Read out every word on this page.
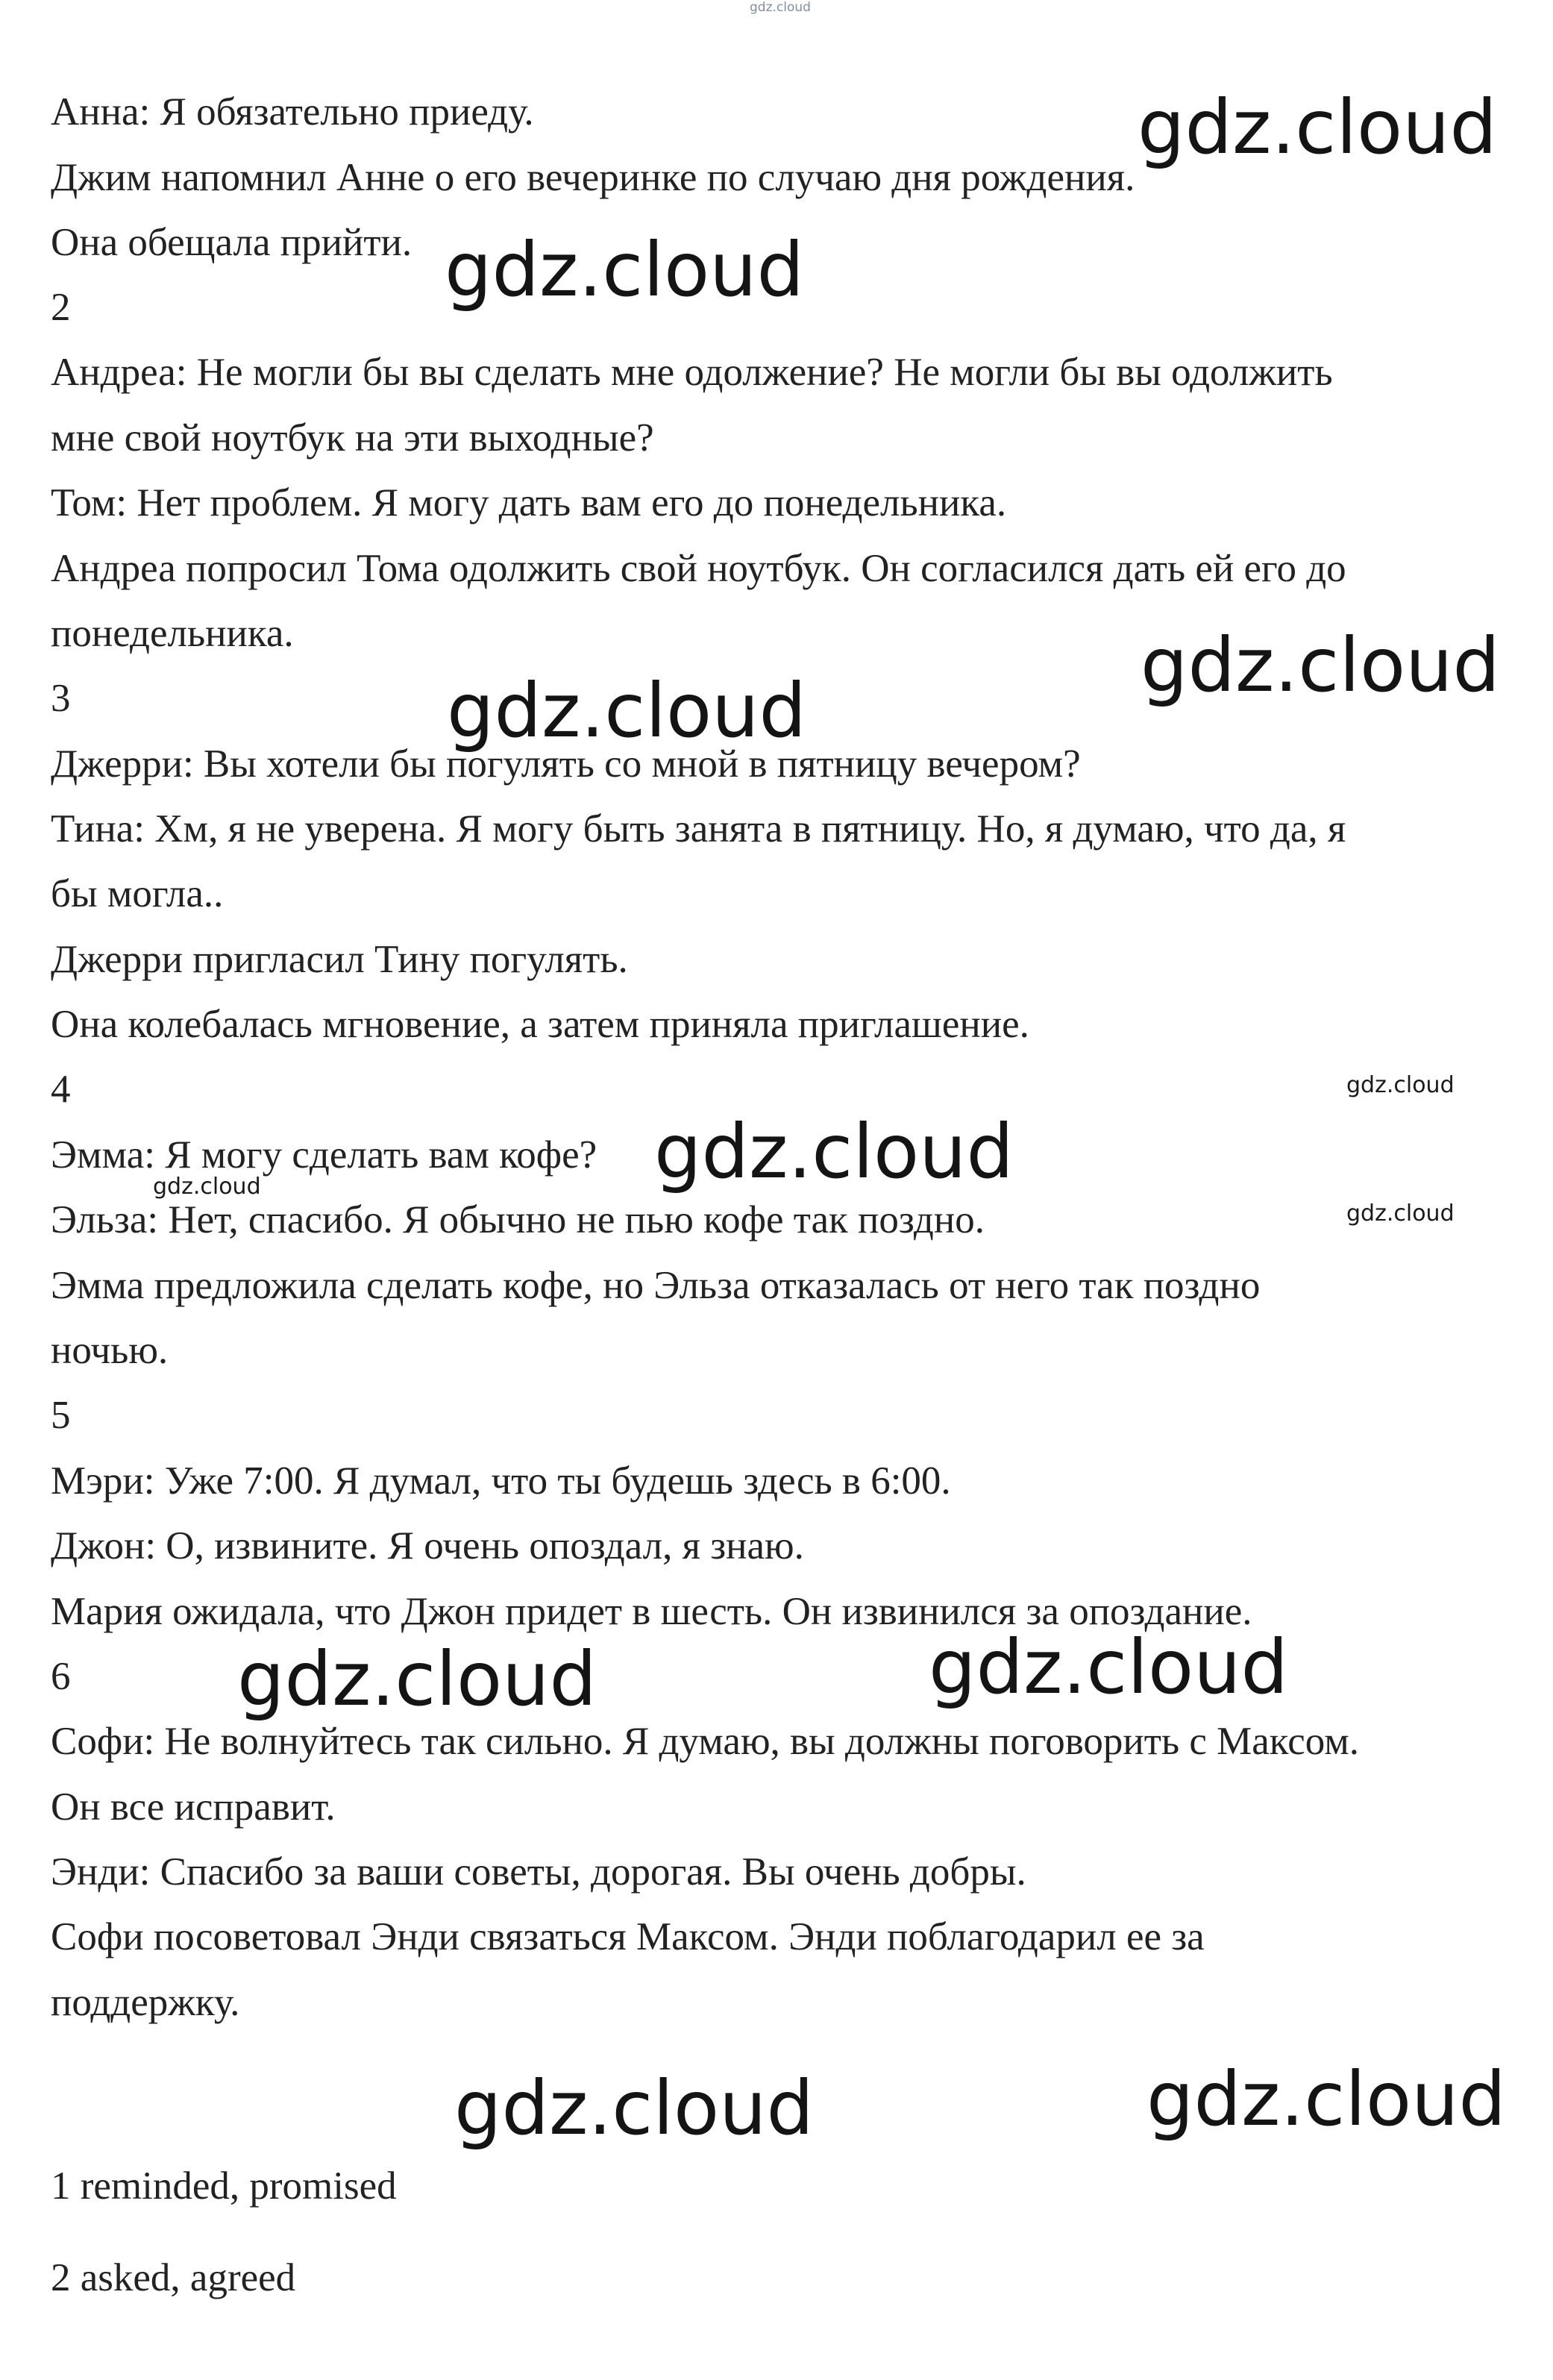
gdz.cloud
Анна: Я обязательно приеду.
Джим напомнил Анне о его вечеринке по случаю дня рождения.
Она обещала прийти.
2
Андреа: Не могли бы вы сделать мне одолжение? Не могли бы вы одолжить
мне свой ноутбук на эти выходные?
Том: Нет проблем. Я могу дать вам его до понедельника.
Андреа попросил Тома одолжить свой ноутбук. Он согласился дать ей его до
понедельника.
3
Джерри: Вы хотели бы погулять со мной в пятницу вечером?
Тина: Хм, я не уверена. Я могу быть занята в пятницу. Но, я думаю, что да, я
бы могла..
Джерри пригласил Тину погулять.
Она колебалась мгновение, а затем приняла приглашение.
4
Эмма: Я могу сделать вам кофе?
Эльза: Нет, спасибо. Я обычно не пью кофе так поздно.
Эмма предложила сделать кофе, но Эльза отказалась от него так поздно
ночью.
5
Мэри: Уже 7:00. Я думал, что ты будешь здесь в 6:00.
Джон: О, извините. Я очень опоздал, я знаю.
Мария ожидала, что Джон придет в шесть. Он извинился за опоздание.
6
Софи: Не волнуйтесь так сильно. Я думаю, вы должны поговорить с Максом.
Он все исправит.
Энди: Спасибо за ваши советы, дорогая. Вы очень добры.
Софи посоветовал Энди связаться Максом. Энди поблагодарил ее за
поддержку.
1 reminded, promised
2 asked, agreed
gdz.cloud
gdz.cloud
gdz.cloud
gdz.cloud
gdz.cloud
gdz.cloud
gdz.cloud
gdz.cloud	gdz.cloud
gdz.cloud
gdz.cloud
gdz.cloud
